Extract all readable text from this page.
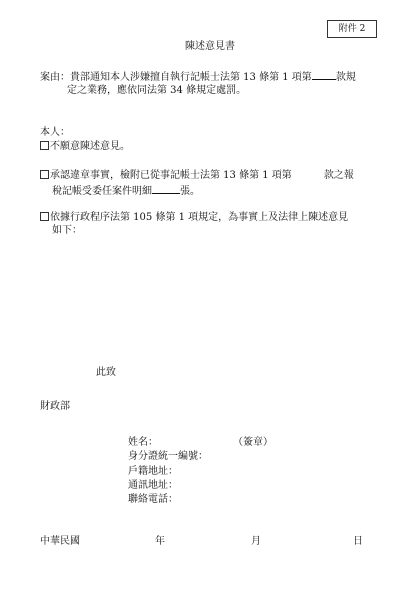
附件 2
陳述意見書
案由：貴部通知本人涉嫌擅自執行記帳士法第 13 條第 1 項第 款規
定之業務，應依同法第 34 條規定處罰。
本人：
不願意陳述意見。
承認違章事實，檢附已從事記帳士法第 13 條第 1 項第	款之報
稅記帳受委任案件明細	張。
依據行政程序法第 105 條第 1 項規定，為事實上及法律上陳述意見
如下：
此致
財政部
姓名：	（簽章）
身分證統一編號：
戶籍地址：
通訊地址：
聯絡電話：
中華民國	年	月	日
